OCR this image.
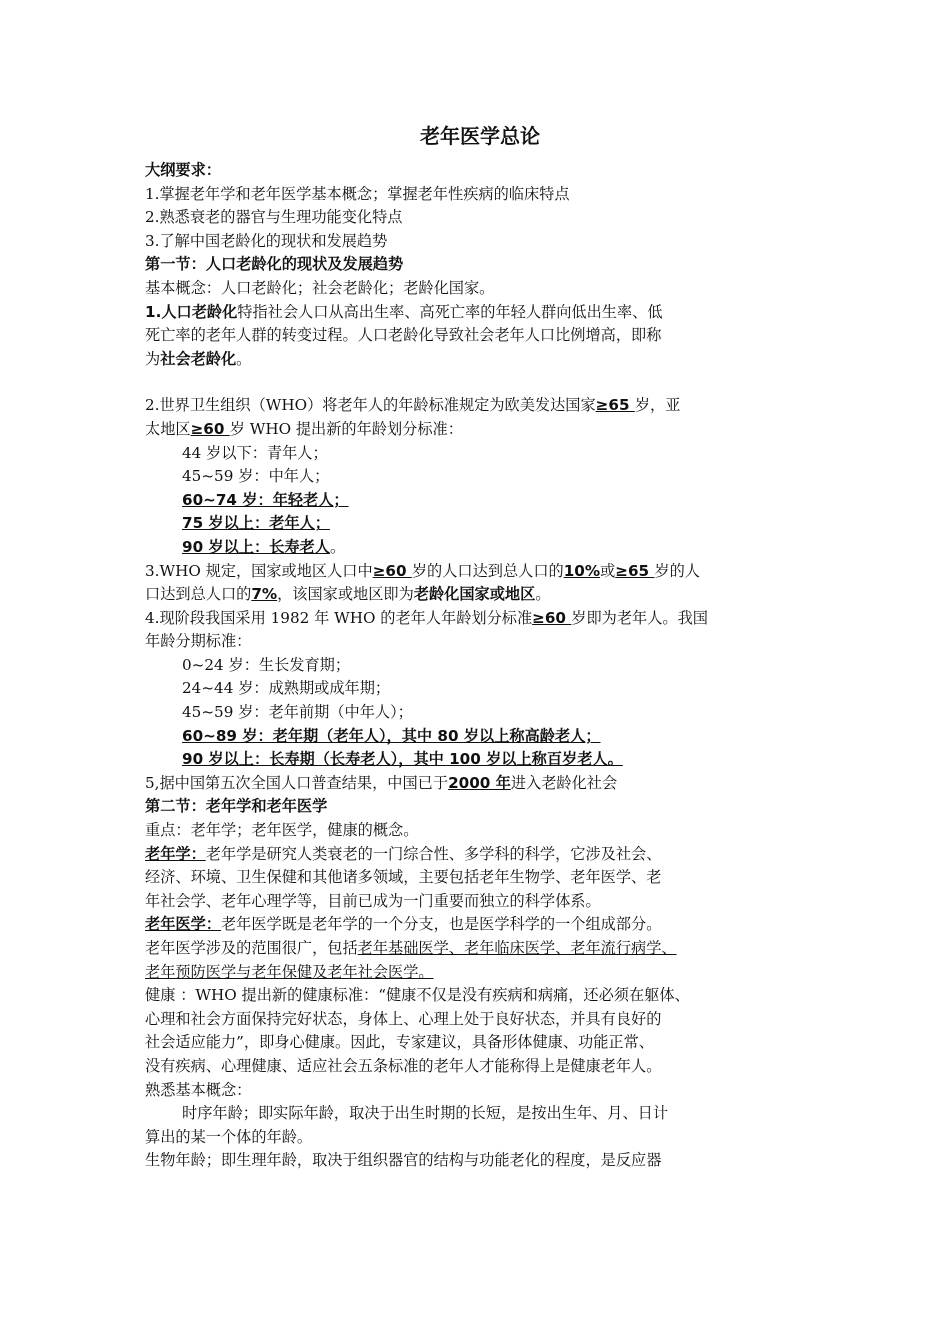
老年医学总论
大纲要求：
1.掌握老年学和老年医学基本概念；掌握老年性疾病的临床特点
2.熟悉衰老的器官与生理功能变化特点
3.了解中国老龄化的现状和发展趋势
第一节：人口老龄化的现状及发展趋势
基本概念：人口老龄化；社会老龄化；老龄化国家。
1.人口老龄化特指社会人口从高出生率、高死亡率的年轻人群向低出生率、低
死亡率的老年人群的转变过程。人口老龄化导致社会老年人口比例增高，即称
为社会老龄化。
2.世界卫生组织（WHO）将老年人的年龄标准规定为欧美发达国家≥65 岁，亚
太地区≥60 岁 WHO 提出新的年龄划分标准：
44 岁以下：青年人；
45~59 岁：中年人；
60~74 岁：年轻老人；
75 岁以上：老年人；
90 岁以上：长寿老人。
3.WHO 规定，国家或地区人口中≥60 岁的人口达到总人口的10%或≥65 岁的人
口达到总人口的7%，该国家或地区即为老龄化国家或地区。
4.现阶段我国采用 1982 年 WHO 的老年人年龄划分标准≥60 岁即为老年人。我国
年龄分期标准：
0~24 岁：生长发育期；
24~44 岁：成熟期或成年期；
45~59 岁：老年前期（中年人）；
60~89 岁：老年期（老年人），其中 80 岁以上称高龄老人；
90 岁以上：长寿期（长寿老人），其中 100 岁以上称百岁老人。
5,据中国第五次全国人口普查结果，中国已于2000 年进入老龄化社会
第二节：老年学和老年医学
重点：老年学；老年医学，健康的概念。
老年学：老年学是研究人类衰老的一门综合性、多学科的科学，它涉及社会、
经济、环境、卫生保健和其他诸多领域，主要包括老年生物学、老年医学、老
年社会学、老年心理学等，目前已成为一门重要而独立的科学体系。
老年医学：老年医学既是老年学的一个分支，也是医学科学的一个组成部分。
老年医学涉及的范围很广，包括老年基础医学、老年临床医学、老年流行病学、
老年预防医学与老年保健及老年社会医学。
健康 ：WHO 提出新的健康标准：“健康不仅是没有疾病和病痛，还必须在躯体、
心理和社会方面保持完好状态，身体上、心理上处于良好状态，并具有良好的
社会适应能力”，即身心健康。因此，专家建议，具备形体健康、功能正常、
没有疾病、心理健康、适应社会五条标准的老年人才能称得上是健康老年人。
熟悉基本概念：
时序年龄；即实际年龄，取决于出生时期的长短，是按出生年、月、日计
算出的某一个体的年龄。
生物年龄；即生理年龄，取决于组织器官的结构与功能老化的程度，是反应器
